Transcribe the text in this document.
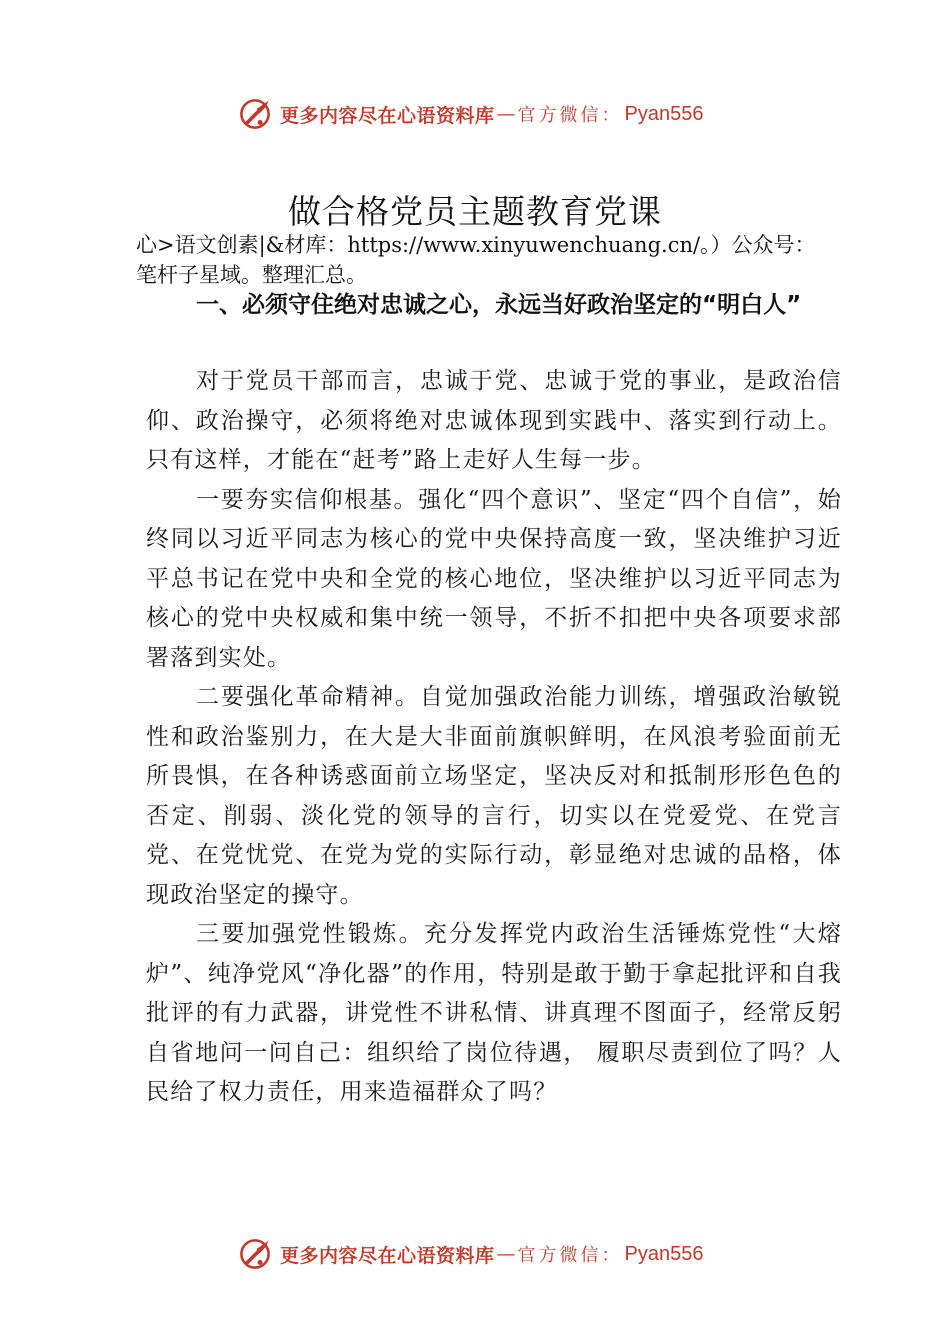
更多内容尽在心语资料库 — 官方微信： Pyan556
做合格党员主题教育党课
心>语文创素|&材库：https://www.xinyuwenchuang.cn/。）公众号：笔杆子星域。整理汇总。
一、必须守住绝对忠诚之心，永远当好政治坚定的“明白人”

对于党员干部而言，忠诚于党、忠诚于党的事业，是政治信仰、政治操守，必须将绝对忠诚体现到实践中、落实到行动上。只有这样，才能在“赶考”路上走好人生每一步。

一要夯实信仰根基。强化“四个意识”、坚定“四个自信”，始终同以习近平同志为核心的党中央保持高度一致，坚决维护习近平总书记在党中央和全党的核心地位，坚决维护以习近平同志为核心的党中央权威和集中统一领导，不折不扣把中央各项要求部署落到实处。

二要强化革命精神。自觉加强政治能力训练，增强政治敏锐性和政治鉴别力，在大是大非面前旗帜鲜明，在风浪考验面前无所畏惧，在各种诱惑面前立场坚定，坚决反对和抵制形形色色的否定、削弱、淡化党的领导的言行，切实以在党爱党、在党言党、在党忧党、在党为党的实际行动，彰显绝对忠诚的品格，体现政治坚定的操守。

三要加强党性锻炼。充分发挥党内政治生活锤炼党性“大熔炉”、纯净党风“净化器”的作用，特别是敢于勤于拿起批评和自我批评的有力武器，讲党性不讲私情、讲真理不图面子，经常反躬自省地问一问自己：组织给了岗位待遇， 履职尽责到位了吗？人民给了权力责任，用来造福群众了吗？

更多内容尽在心语资料库 — 官方微信： Pyan556
